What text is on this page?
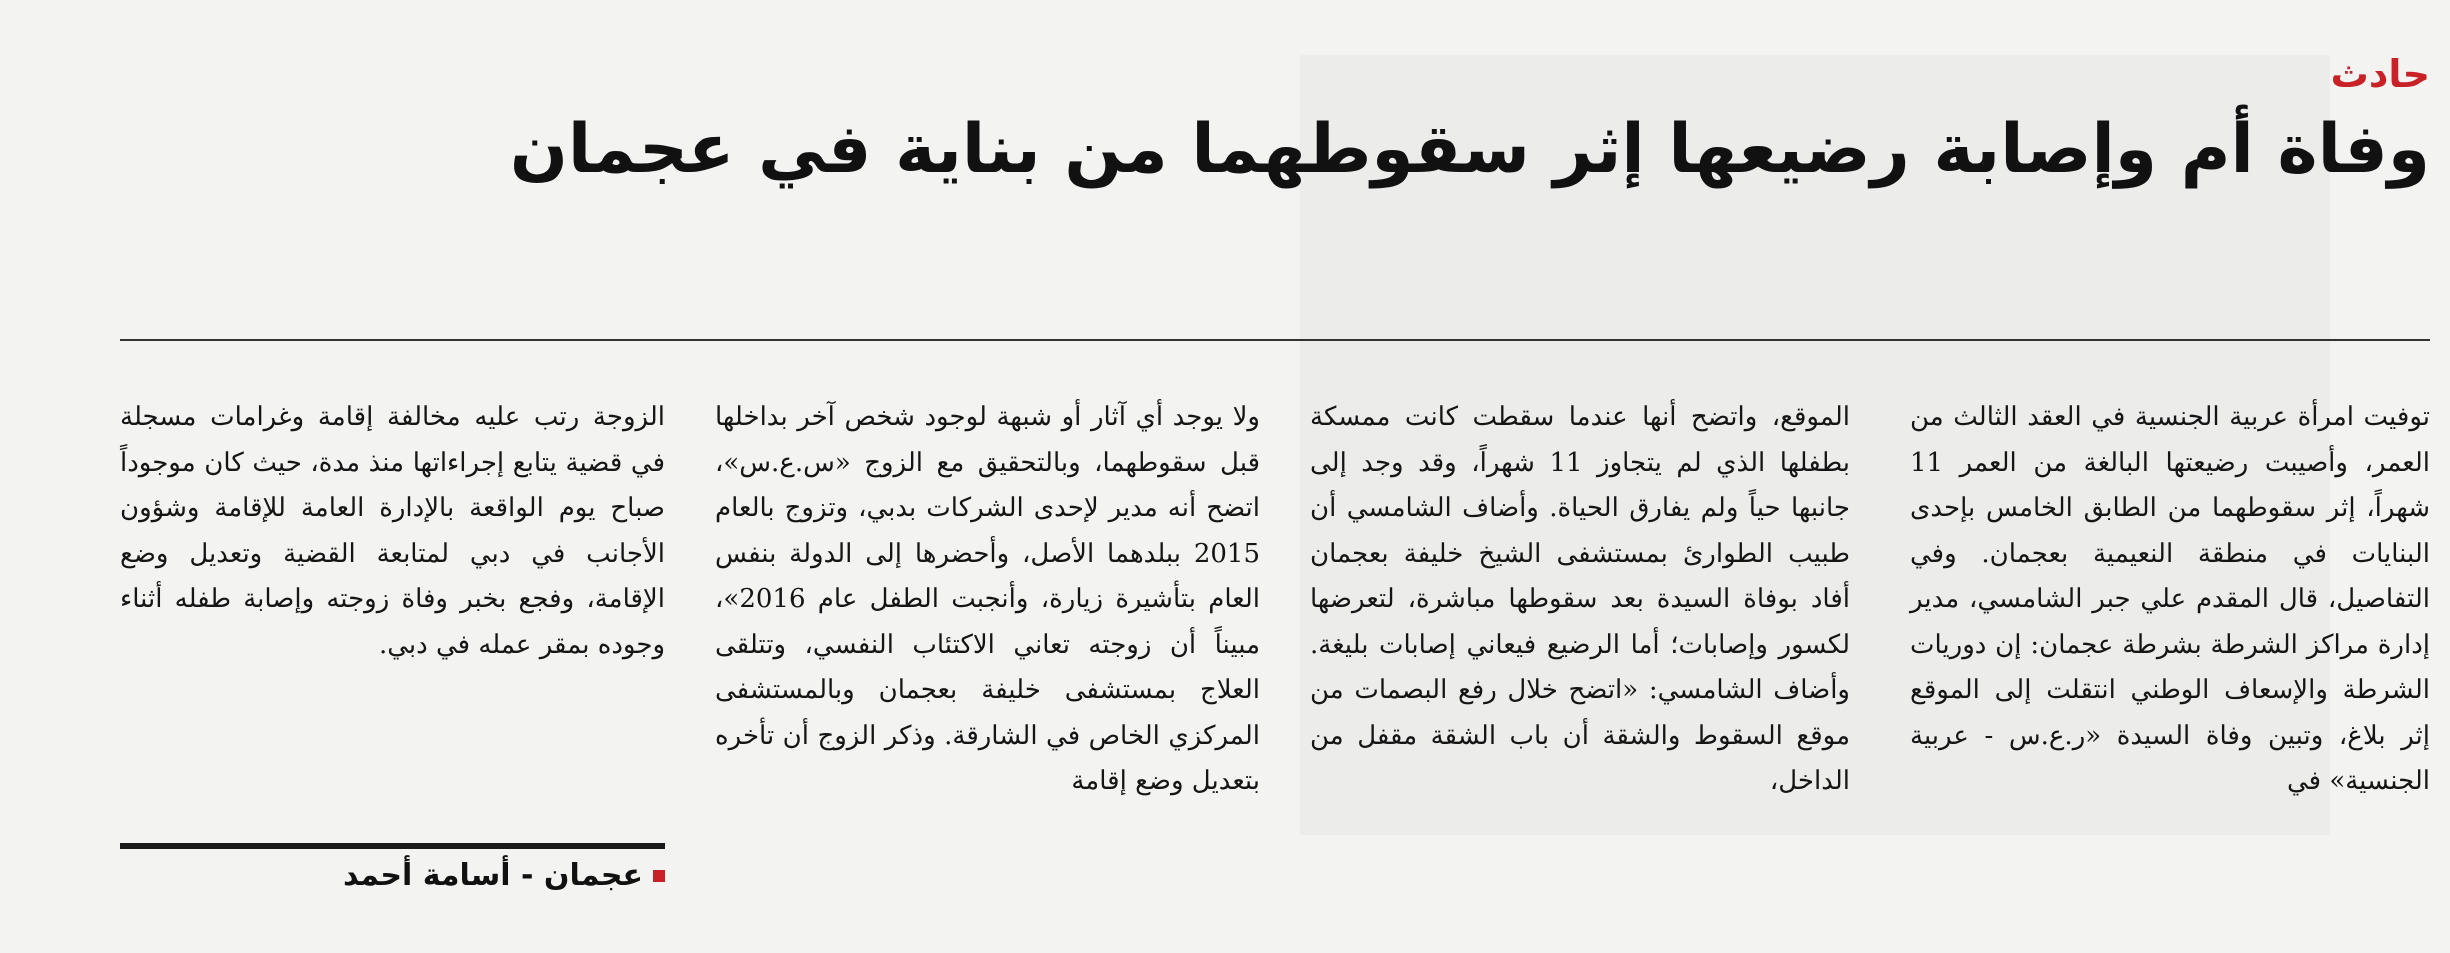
حادث
وفاة أم وإصابة رضيعها إثر سقوطهما من بناية في عجمان

توفيت امرأة عربية الجنسية في العقد الثالث من العمر، وأصيبت رضيعتها البالغة من العمر 11 شهراً، إثر سقوطهما من الطابق الخامس بإحدى البنايات في منطقة النعيمية بعجمان. وفي التفاصيل، قال المقدم علي جبر الشامسي، مدير إدارة مراكز الشرطة بشرطة عجمان: إن دوريات الشرطة والإسعاف الوطني انتقلت إلى الموقع إثر بلاغ، وتبين وفاة السيدة «ر.ع.س - عربية الجنسية» في

الموقع، واتضح أنها عندما سقطت كانت ممسكة بطفلها الذي لم يتجاوز 11 شهراً، وقد وجد إلى جانبها حياً ولم يفارق الحياة. وأضاف الشامسي أن طبيب الطوارئ بمستشفى الشيخ خليفة بعجمان أفاد بوفاة السيدة بعد سقوطها مباشرة، لتعرضها لكسور وإصابات؛ أما الرضيع فيعاني إصابات بليغة. وأضاف الشامسي: «اتضح خلال رفع البصمات من موقع السقوط والشقة أن باب الشقة مقفل من الداخل،

ولا يوجد أي آثار أو شبهة لوجود شخص آخر بداخلها قبل سقوطهما، وبالتحقيق مع الزوج «س.ع.س»، اتضح أنه مدير لإحدى الشركات بدبي، وتزوج بالعام 2015 ببلدهما الأصل، وأحضرها إلى الدولة بنفس العام بتأشيرة زيارة، وأنجبت الطفل عام 2016»، مبيناً أن زوجته تعاني الاكتئاب النفسي، وتتلقى العلاج بمستشفى خليفة بعجمان وبالمستشفى المركزي الخاص في الشارقة. وذكر الزوج أن تأخره بتعديل وضع إقامة

الزوجة رتب عليه مخالفة إقامة وغرامات مسجلة في قضية يتابع إجراءاتها منذ مدة، حيث كان موجوداً صباح يوم الواقعة بالإدارة العامة للإقامة وشؤون الأجانب في دبي لمتابعة القضية وتعديل وضع الإقامة، وفجع بخبر وفاة زوجته وإصابة طفله أثناء وجوده بمقر عمله في دبي.

عجمان - أسامة أحمد
